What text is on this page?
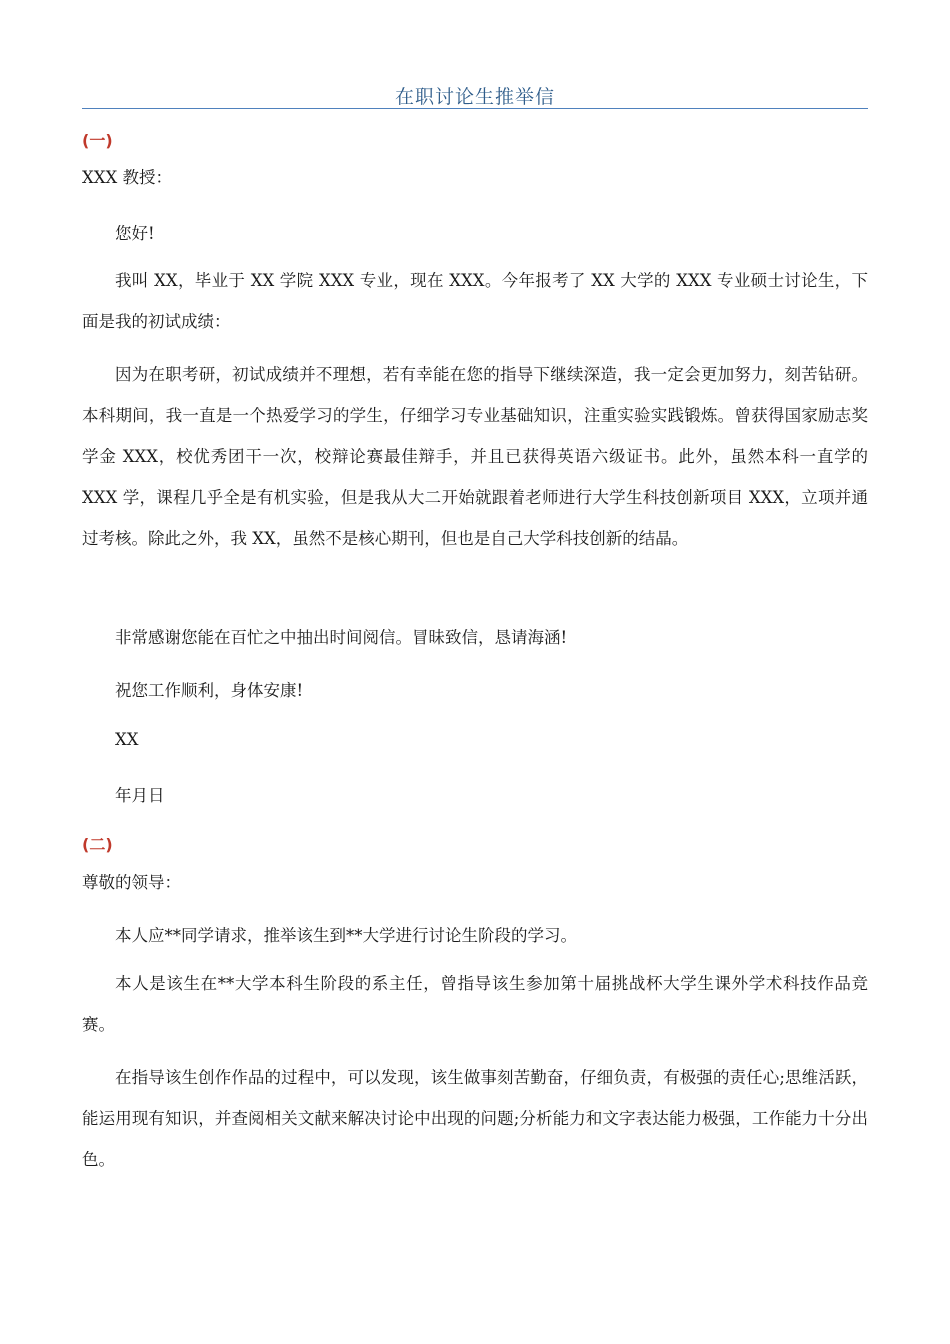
在职讨论生推举信
(一)
XXX 教授：
您好!

我叫 XX，毕业于 XX 学院 XXX 专业，现在 XXX。今年报考了 XX 大学的 XXX 专业硕士讨论生，下面是我的初试成绩：

因为在职考研，初试成绩并不理想，若有幸能在您的指导下继续深造，我一定会更加努力，刻苦钻研。本科期间，我一直是一个热爱学习的学生，仔细学习专业基础知识，注重实验实践锻炼。曾获得国家励志奖学金 XXX，校优秀团干一次，校辩论赛最佳辩手，并且已获得英语六级证书。此外，虽然本科一直学的 XXX 学，课程几乎全是有机实验，但是我从大二开始就跟着老师进行大学生科技创新项目 XXX，立项并通过考核。除此之外，我 XX，虽然不是核心期刊，但也是自己大学科技创新的结晶。

非常感谢您能在百忙之中抽出时间阅信。冒昧致信，恳请海涵!
祝您工作顺利，身体安康!
XX
年月日
(二)
尊敬的领导：
本人应**同学请求，推举该生到**大学进行讨论生阶段的学习。

本人是该生在**大学本科生阶段的系主任，曾指导该生参加第十届挑战杯大学生课外学术科技作品竞赛。

在指导该生创作作品的过程中，可以发现，该生做事刻苦勤奋，仔细负责，有极强的责任心;思维活跃，能运用现有知识，并查阅相关文献来解决讨论中出现的问题;分析能力和文字表达能力极强，工作能力十分出色。
